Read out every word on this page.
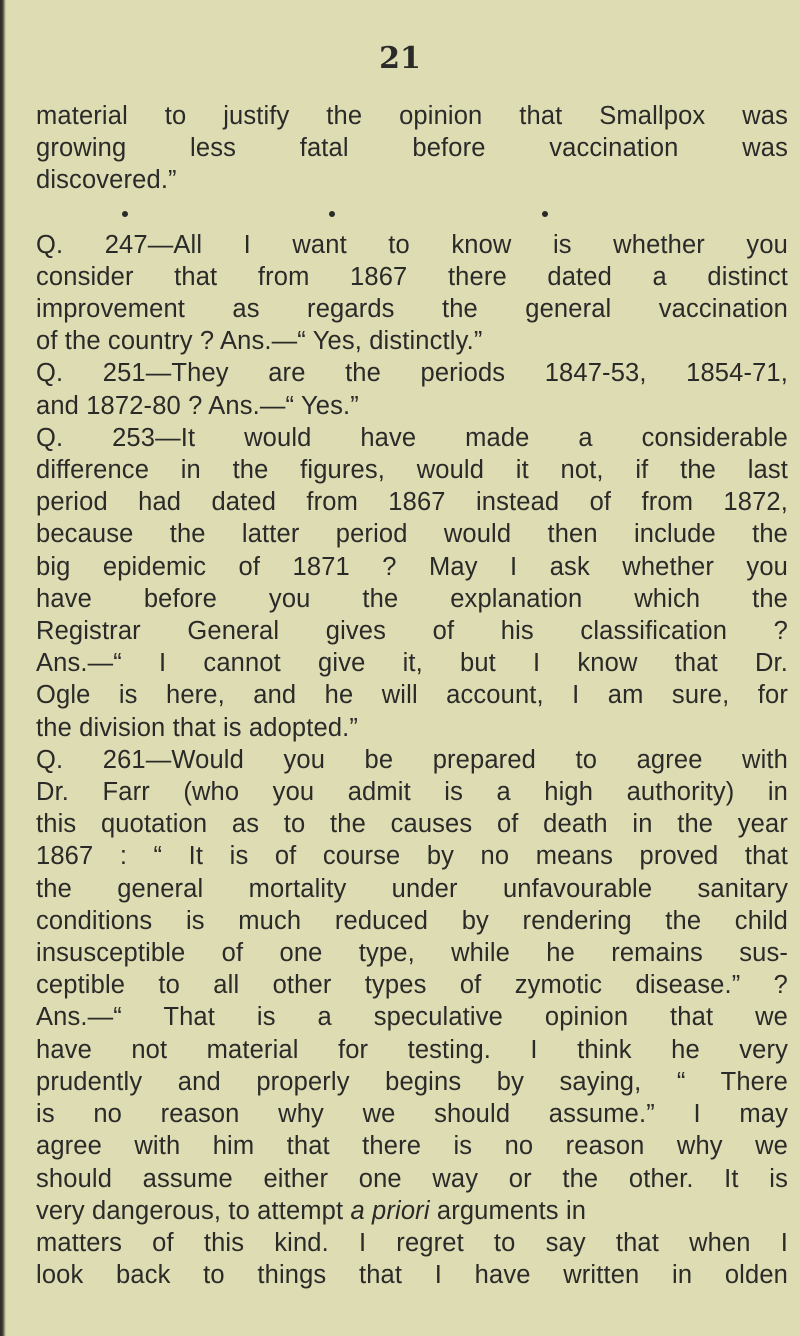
21
material to justify the opinion that Smallpox was
growing less fatal before vaccination was
discovered.”
Q. 247—All I want to know is whether you
consider that from 1867 there dated a distinct
improvement as regards the general vaccination
of the country ? Ans.—“ Yes, distinctly.”
Q. 251—They are the periods 1847-53, 1854-71,
and 1872-80 ? Ans.—“ Yes.”
Q. 253—It would have made a considerable
difference in the figures, would it not, if the last
period had dated from 1867 instead of from 1872,
because the latter period would then include the
big epidemic of 1871 ? May I ask whether you
have before you the explanation which the
Registrar General gives of his classification ?
Ans.—“ I cannot give it, but I know that Dr.
Ogle is here, and he will account, I am sure, for
the division that is adopted.”
Q. 261—Would you be prepared to agree with
Dr. Farr (who you admit is a high authority) in
this quotation as to the causes of death in the year
1867 : “ It is of course by no means proved that
the general mortality under unfavourable sanitary
conditions is much reduced by rendering the child
insusceptible of one type, while he remains sus-
ceptible to all other types of zymotic disease.” ?
Ans.—“ That is a speculative opinion that we
have not material for testing. I think he very
prudently and properly begins by saying, “ There
is no reason why we should assume.” I may
agree with him that there is no reason why we
should assume either one way or the other. It is
very dangerous, to attempt a priori arguments in
matters of this kind. I regret to say that when I
look back to things that I have written in olden
